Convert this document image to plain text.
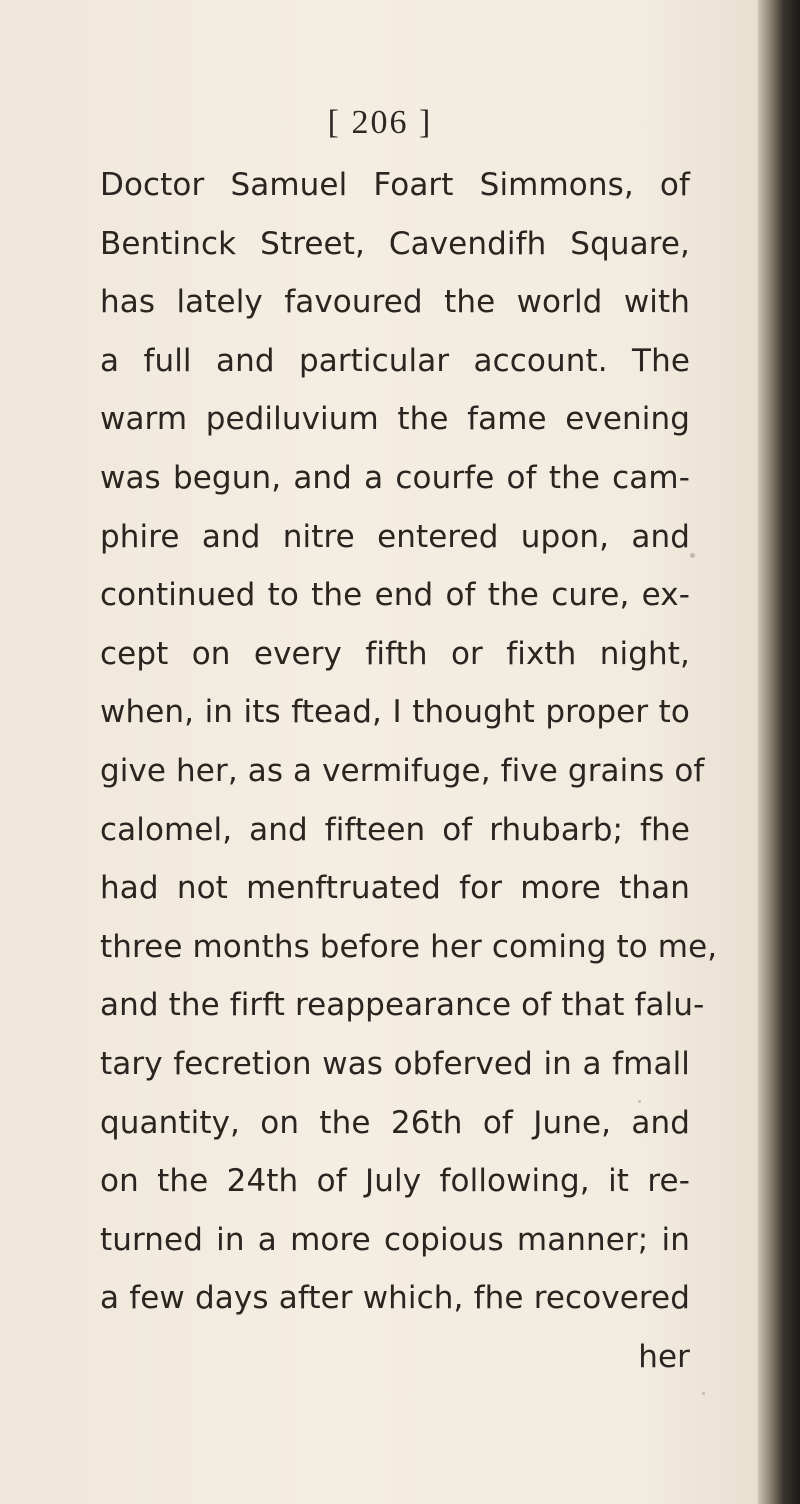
[ 206 ]
Doctor Samuel Foart Simmons, of
Bentinck Street, Cavendifh Square,
has lately favoured the world with
a full and particular account. The
warm pediluvium the fame evening
was begun, and a courfe of the cam-
phire and nitre entered upon, and
continued to the end of the cure, ex-
cept on every fifth or fixth night,
when, in its ftead, I thought proper to
give her, as a vermifuge, five grains of
calomel, and fifteen of rhubarb; fhe
had not menftruated for more than
three months before her coming to me,
and the firft reappearance of that falu-
tary fecretion was obferved in a fmall
quantity, on the 26th of June, and
on the 24th of July following, it re-
turned in a more copious manner; in
a few days after which, fhe recovered
her
